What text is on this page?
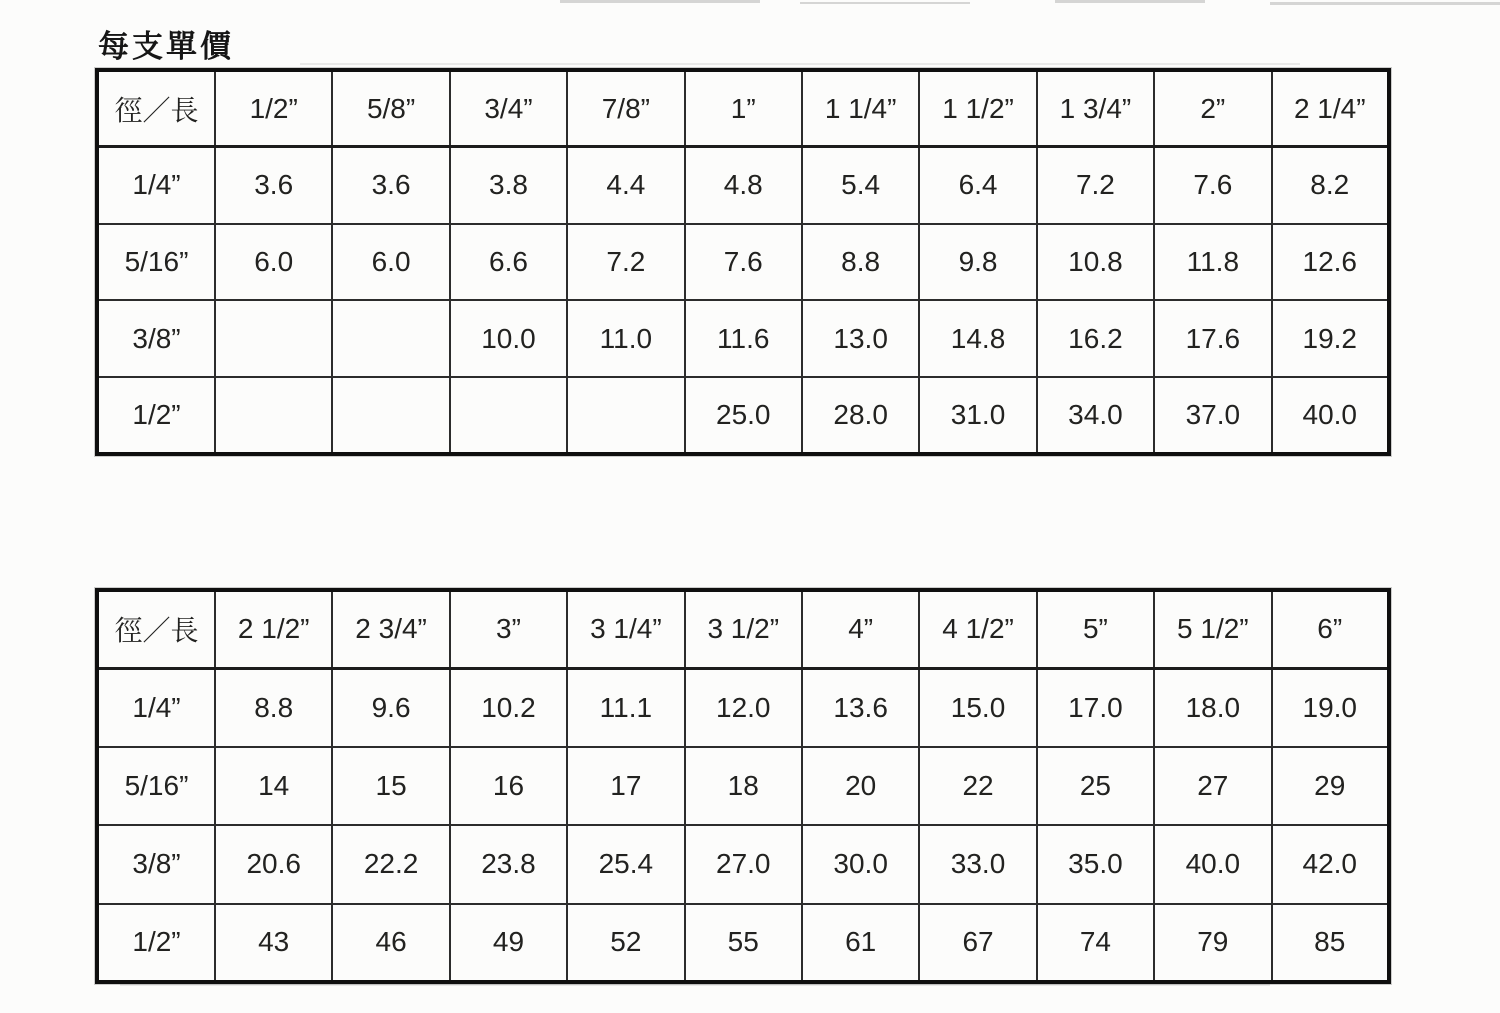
每支單價
徑／長	1/2”	5/8”	3/4”	7/8”	1”	1 1/4”	1 1/2”	1 3/4”	2”	2 1/4”
1/4”	3.6	3.6	3.8	4.4	4.8	5.4	6.4	7.2	7.6	8.2
5/16”	6.0	6.0	6.6	7.2	7.6	8.8	9.8	10.8	11.8	12.6
3/8”			10.0	11.0	11.6	13.0	14.8	16.2	17.6	19.2
1/2”					25.0	28.0	31.0	34.0	37.0	40.0
徑／長	2 1/2”	2 3/4”	3”	3 1/4”	3 1/2”	4”	4 1/2”	5”	5 1/2”	6”
1/4”	8.8	9.6	10.2	11.1	12.0	13.6	15.0	17.0	18.0	19.0
5/16”	14	15	16	17	18	20	22	25	27	29
3/8”	20.6	22.2	23.8	25.4	27.0	30.0	33.0	35.0	40.0	42.0
1/2”	43	46	49	52	55	61	67	74	79	85
